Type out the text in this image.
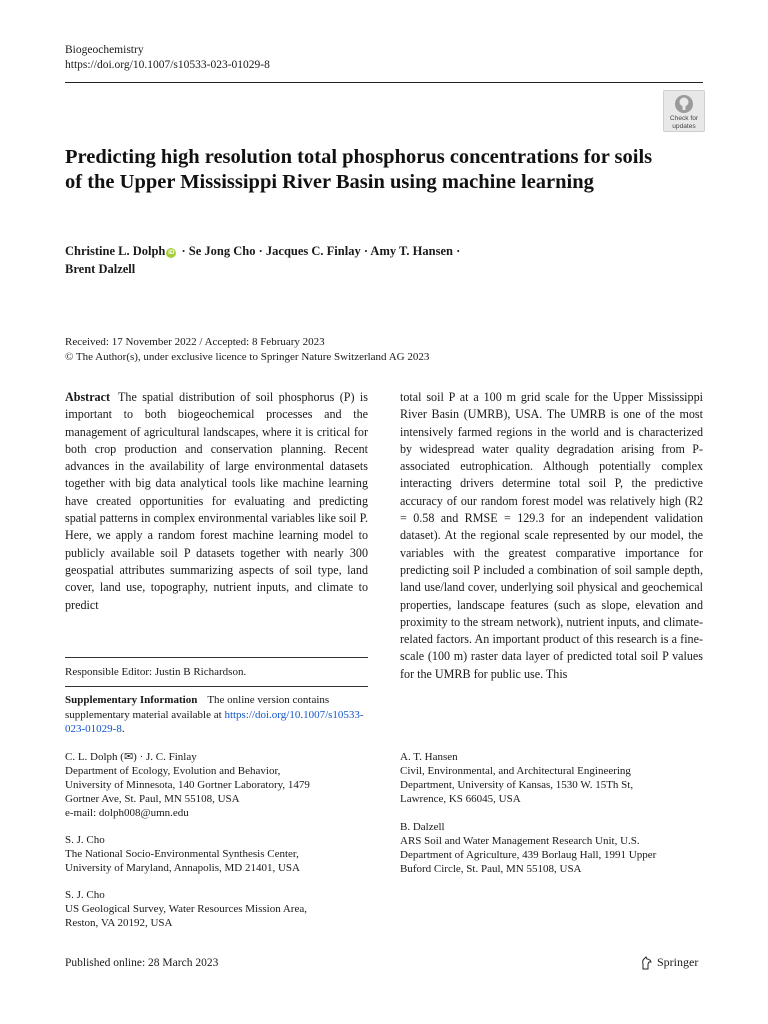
Biogeochemistry
https://doi.org/10.1007/s10533-023-01029-8
Check for
updates
Predicting high resolution total phosphorus concentrations for soils of the Upper Mississippi River Basin using machine learning
Christine L. Dolph iD · Se Jong Cho · Jacques C. Finlay · Amy T. Hansen ·
Brent Dalzell
Received: 17 November 2022 / Accepted: 8 February 2023
© The Author(s), under exclusive licence to Springer Nature Switzerland AG 2023
Abstract The spatial distribution of soil phosphorus (P) is important to both biogeochemical processes and the management of agricultural landscapes, where it is critical for both crop production and conservation planning. Recent advances in the availability of large environmental datasets together with big data analytical tools like machine learning have created opportunities for evaluating and predicting spatial patterns in complex environmental variables like soil P. Here, we apply a random forest machine learning model to publicly available soil P datasets together with nearly 300 geospatial attributes summarizing aspects of soil type, land cover, land use, topography, nutrient inputs, and climate to predict
total soil P at a 100 m grid scale for the Upper Mississippi River Basin (UMRB), USA. The UMRB is one of the most intensively farmed regions in the world and is characterized by widespread water quality degradation arising from P-associated eutrophication. Although potentially complex interacting drivers determine total soil P, the predictive accuracy of our random forest model was relatively high (R2 = 0.58 and RMSE = 129.3 for an independent validation dataset). At the regional scale represented by our model, the variables with the greatest comparative importance for predicting soil P included a combination of soil sample depth, land use/land cover, underlying soil physical and geochemical properties, landscape features (such as slope, elevation and proximity to the stream network), nutrient inputs, and climate-related factors. An important product of this research is a fine-scale (100 m) raster data layer of predicted total soil P values for the UMRB for public use. This
Responsible Editor: Justin B Richardson.
Supplementary Information The online version contains supplementary material available at https://doi.org/10.1007/s10533-023-01029-8.
C. L. Dolph (✉) · J. C. Finlay
Department of Ecology, Evolution and Behavior,
University of Minnesota, 140 Gortner Laboratory, 1479
Gortner Ave, St. Paul, MN 55108, USA
e-mail: dolph008@umn.edu
S. J. Cho
The National Socio-Environmental Synthesis Center,
University of Maryland, Annapolis, MD 21401, USA
S. J. Cho
US Geological Survey, Water Resources Mission Area,
Reston, VA 20192, USA
A. T. Hansen
Civil, Environmental, and Architectural Engineering
Department, University of Kansas, 1530 W. 15Th St,
Lawrence, KS 66045, USA
B. Dalzell
ARS Soil and Water Management Research Unit, U.S.
Department of Agriculture, 439 Borlaug Hall, 1991 Upper
Buford Circle, St. Paul, MN 55108, USA
Published online: 28 March 2023	Springer
